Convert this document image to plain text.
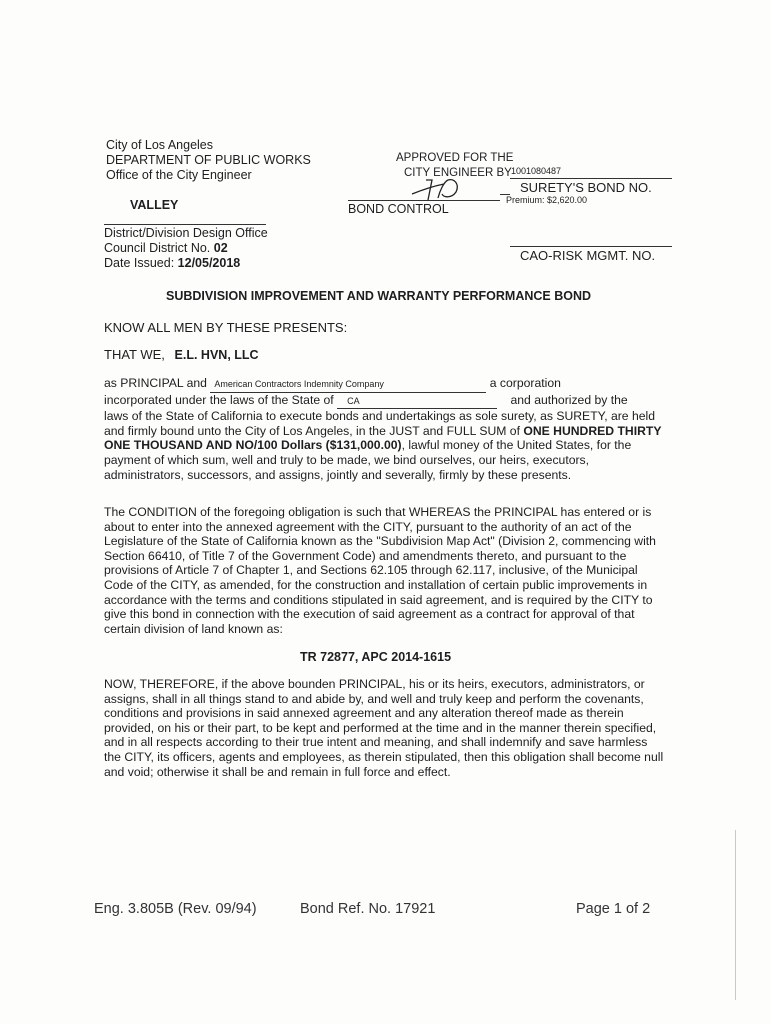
City of Los Angeles
DEPARTMENT OF PUBLIC WORKS
Office of the City Engineer
VALLEY
District/Division Design Office
Council District No. 02
Date Issued: 12/05/2018
APPROVED FOR THE
CITY ENGINEER BY
BOND CONTROL
1001080487
SURETY'S BOND NO.
Premium: $2,620.00
CAO-RISK MGMT. NO.
SUBDIVISION IMPROVEMENT AND WARRANTY PERFORMANCE BOND
KNOW ALL MEN BY THESE PRESENTS:
THAT WE, E.L. HVN, LLC
as PRINCIPAL and American Contractors Indemnity Company	a corporation
incorporated under the laws of the State of CA	and authorized by the
laws of the State of California to execute bonds and undertakings as sole surety, as SURETY, are held and firmly bound unto the City of Los Angeles, in the JUST and FULL SUM of ONE HUNDRED THIRTY ONE THOUSAND AND NO/100 Dollars ($131,000.00), lawful money of the United States, for the payment of which sum, well and truly to be made, we bind ourselves, our heirs, executors, administrators, successors, and assigns, jointly and severally, firmly by these presents.
The CONDITION of the foregoing obligation is such that WHEREAS the PRINCIPAL has entered or is about to enter into the annexed agreement with the CITY, pursuant to the authority of an act of the Legislature of the State of California known as the "Subdivision Map Act" (Division 2, commencing with Section 66410, of Title 7 of the Government Code) and amendments thereto, and pursuant to the provisions of Article 7 of Chapter 1, and Sections 62.105 through 62.117, inclusive, of the Municipal Code of the CITY, as amended, for the construction and installation of certain public improvements in accordance with the terms and conditions stipulated in said agreement, and is required by the CITY to give this bond in connection with the execution of said agreement as a contract for approval of that certain division of land known as:
TR 72877, APC 2014-1615
NOW, THEREFORE, if the above bounden PRINCIPAL, his or its heirs, executors, administrators, or assigns, shall in all things stand to and abide by, and well and truly keep and perform the covenants, conditions and provisions in said annexed agreement and any alteration thereof made as therein provided, on his or their part, to be kept and performed at the time and in the manner therein specified, and in all respects according to their true intent and meaning, and shall indemnify and save harmless the CITY, its officers, agents and employees, as therein stipulated, then this obligation shall become null and void; otherwise it shall be and remain in full force and effect.
Eng. 3.805B (Rev. 09/94)	Bond Ref. No. 17921	Page 1 of 2
